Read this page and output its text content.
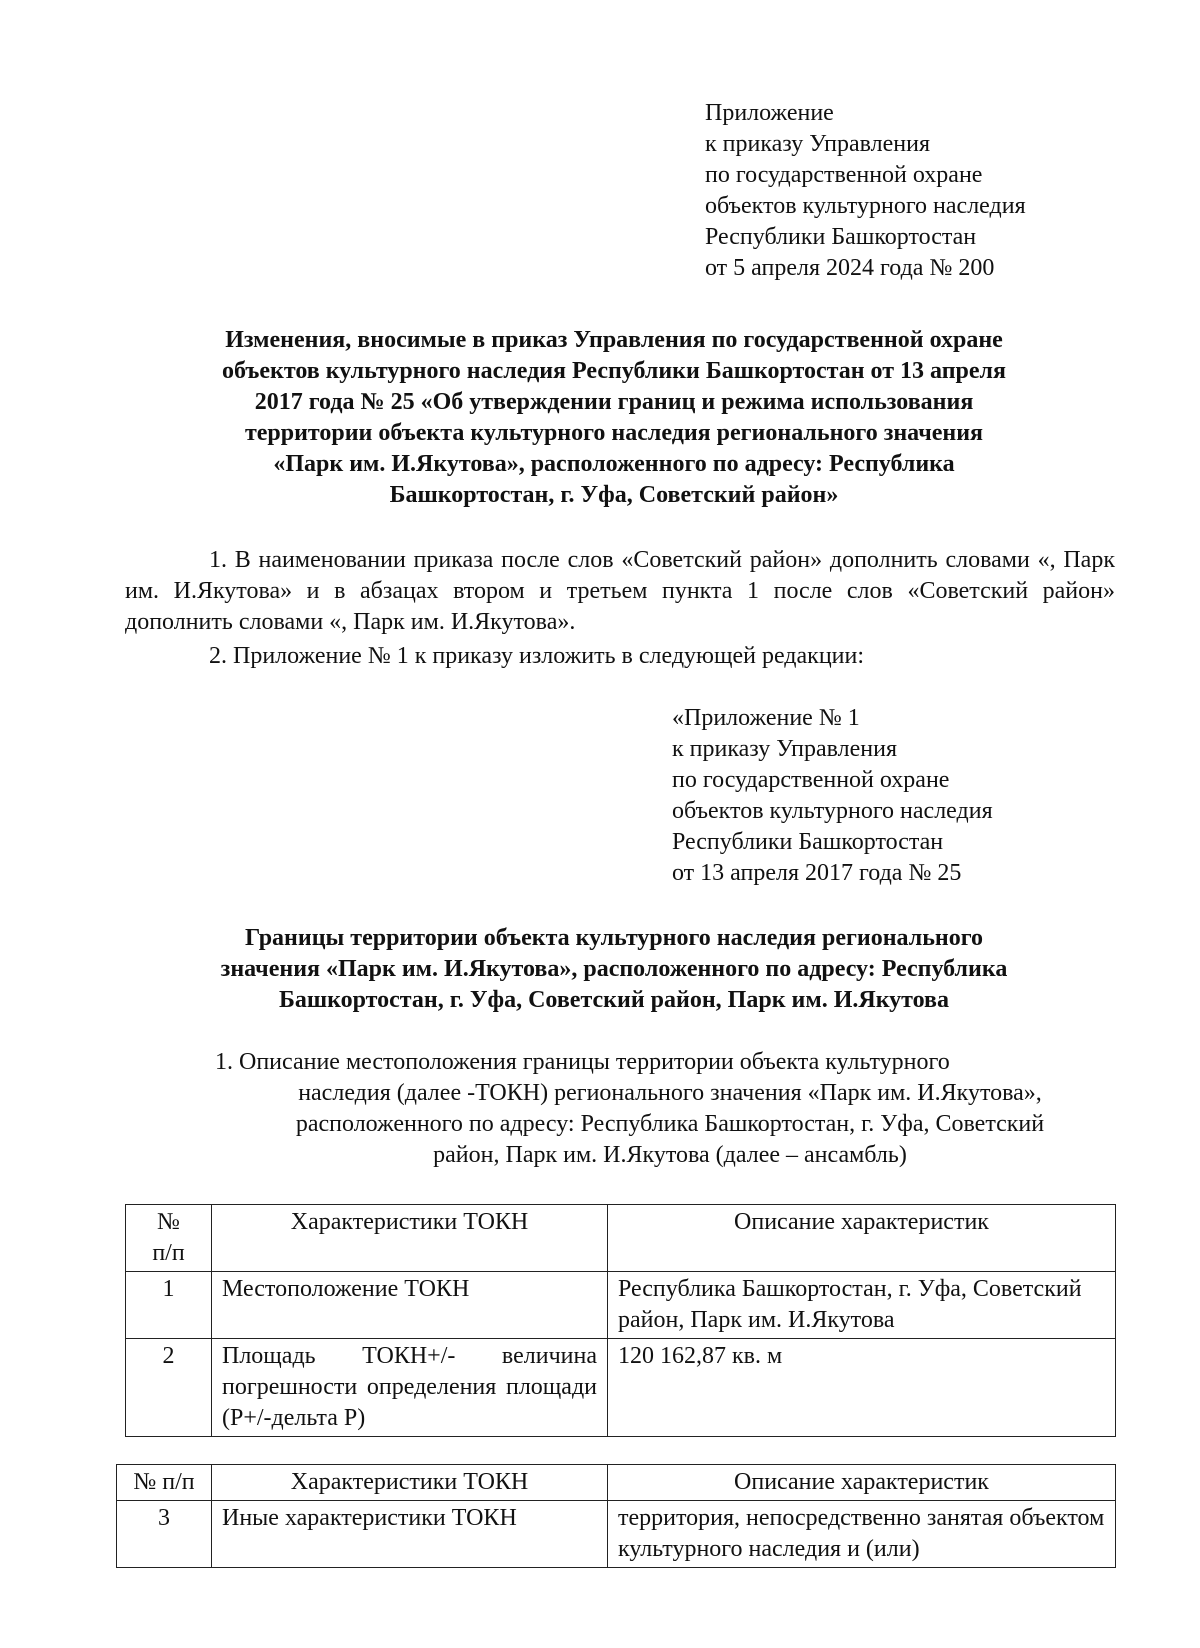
Приложение
к приказу Управления
по государственной охране
объектов культурного наследия
Республики Башкортостан
от 5 апреля 2024 года № 200
Изменения, вносимые в приказ Управления по государственной охране
объектов культурного наследия Республики Башкортостан от 13 апреля
2017 года № 25 «Об утверждении границ и режима использования
территории объекта культурного наследия регионального значения
«Парк им. И.Якутова», расположенного по адресу: Республика
Башкортостан, г. Уфа, Советский район»
1. В наименовании приказа после слов «Советский район» дополнить словами «, Парк им. И.Якутова» и в абзацах втором и третьем пункта 1 после слов «Советский район» дополнить словами «, Парк им. И.Якутова».
2. Приложение № 1 к приказу изложить в следующей редакции:
«Приложение № 1
к приказу Управления
по государственной охране
объектов культурного наследия
Республики Башкортостан
от 13 апреля 2017 года № 25
Границы территории объекта культурного наследия регионального
значения «Парк им. И.Якутова», расположенного по адресу: Республика
Башкортостан, г. Уфа, Советский район, Парк им. И.Якутова
1. Описание местоположения границы территории объекта культурного
наследия (далее -ТОКН) регионального значения «Парк им. И.Якутова»,
расположенного по адресу: Республика Башкортостан, г. Уфа, Советский
район, Парк им. И.Якутова (далее – ансамбль)
№ п/п	Характеристики ТОКН	Описание характеристик
1	Местоположение ТОКН	Республика Башкортостан, г. Уфа, Советский район, Парк им. И.Якутова
2	Площадь ТОКН+/- величина погрешности определения площади (Р+/-дельта Р)	120 162,87 кв. м
№ п/п	Характеристики ТОКН	Описание характеристик
3	Иные характеристики ТОКН	территория, непосредственно занятая объектом культурного наследия и (или)
